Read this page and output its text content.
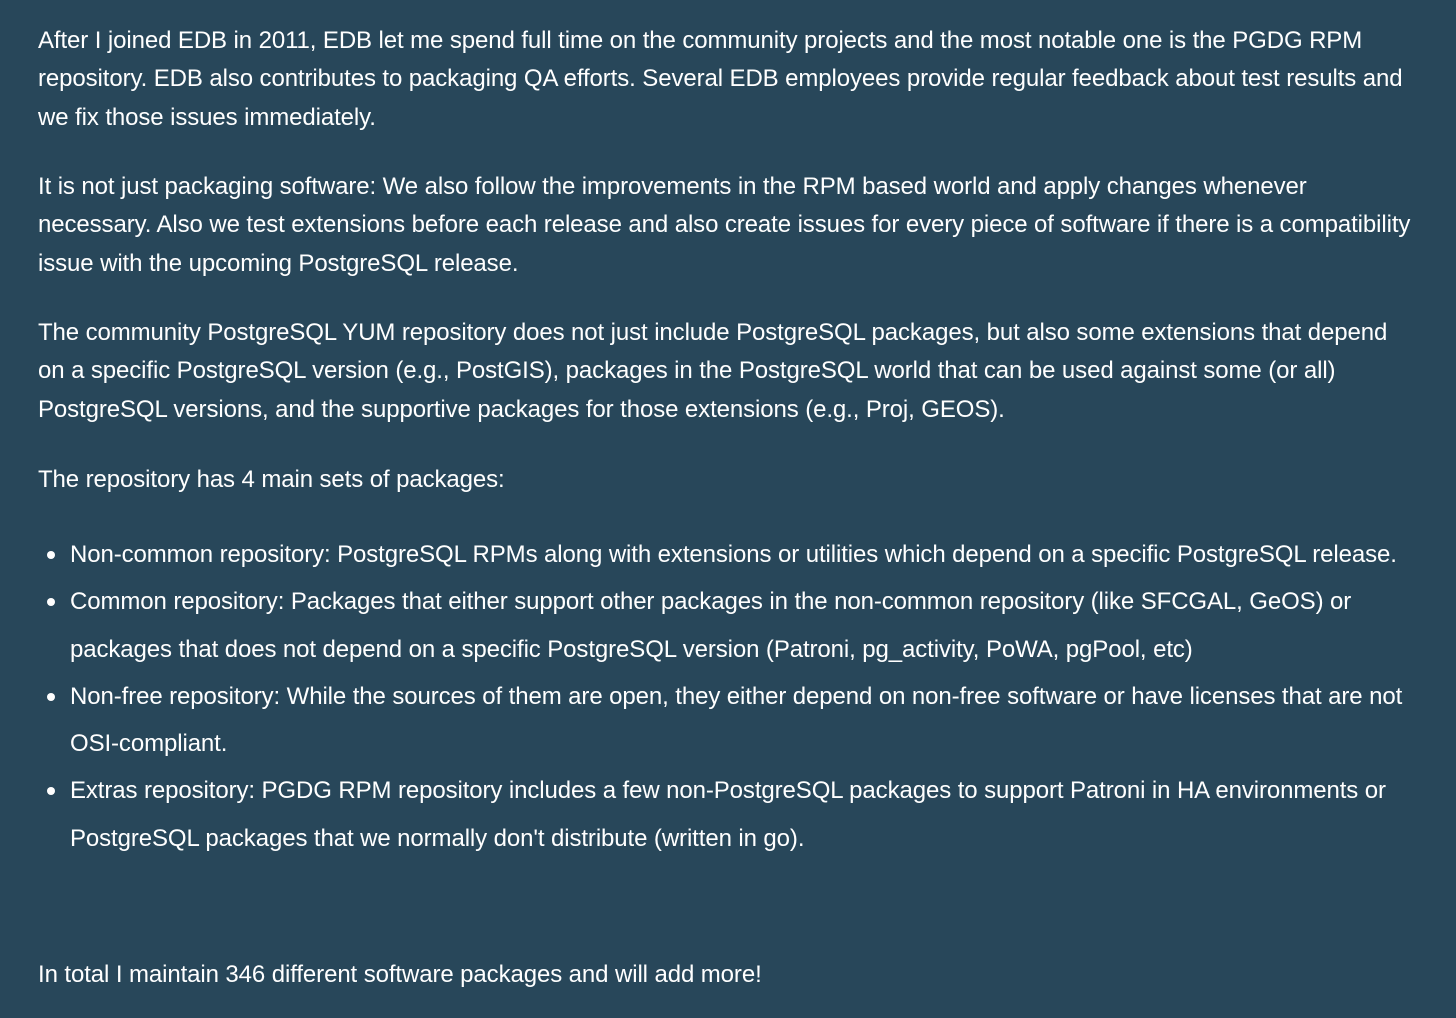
After I joined EDB in 2011, EDB let me spend full time on the community projects and the most notable one is the PGDG RPM repository. EDB also contributes to packaging QA efforts. Several EDB employees provide regular feedback about test results and we fix those issues immediately.

It is not just packaging software: We also follow the improvements in the RPM based world and apply changes whenever necessary. Also we test extensions before each release and also create issues for every piece of software if there is a compatibility issue with the upcoming PostgreSQL release.

The community PostgreSQL YUM repository does not just include PostgreSQL packages, but also some extensions that depend on a specific PostgreSQL version (e.g., PostGIS), packages in the PostgreSQL world that can be used against some (or all) PostgreSQL versions, and the supportive packages for those extensions (e.g., Proj, GEOS).

The repository has 4 main sets of packages:

Non-common repository: PostgreSQL RPMs along with extensions or utilities which depend on a specific PostgreSQL release.
Common repository: Packages that either support other packages in the non-common repository (like SFCGAL, GeOS) or packages that does not depend on a specific PostgreSQL version (Patroni, pg_activity, PoWA, pgPool, etc)
Non-free repository: While the sources of them are open, they either depend on non-free software or have licenses that are not OSI-compliant.
Extras repository: PGDG RPM repository includes a few non-PostgreSQL packages to support Patroni in HA environments or PostgreSQL packages that we normally don't distribute (written in go).

In total I maintain 346 different software packages and will add more!
